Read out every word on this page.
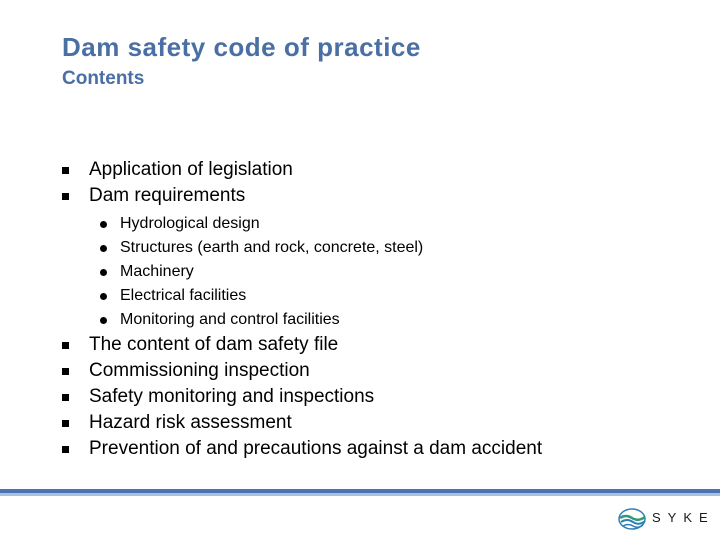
Dam safety code of practice
Contents
Application of legislation
Dam requirements
Hydrological design
Structures (earth and rock, concrete, steel)
Machinery
Electrical facilities
Monitoring and control facilities
The content of dam safety file
Commissioning inspection
Safety monitoring and inspections
Hazard risk assessment
Prevention of and precautions against a dam accident
SYKE
